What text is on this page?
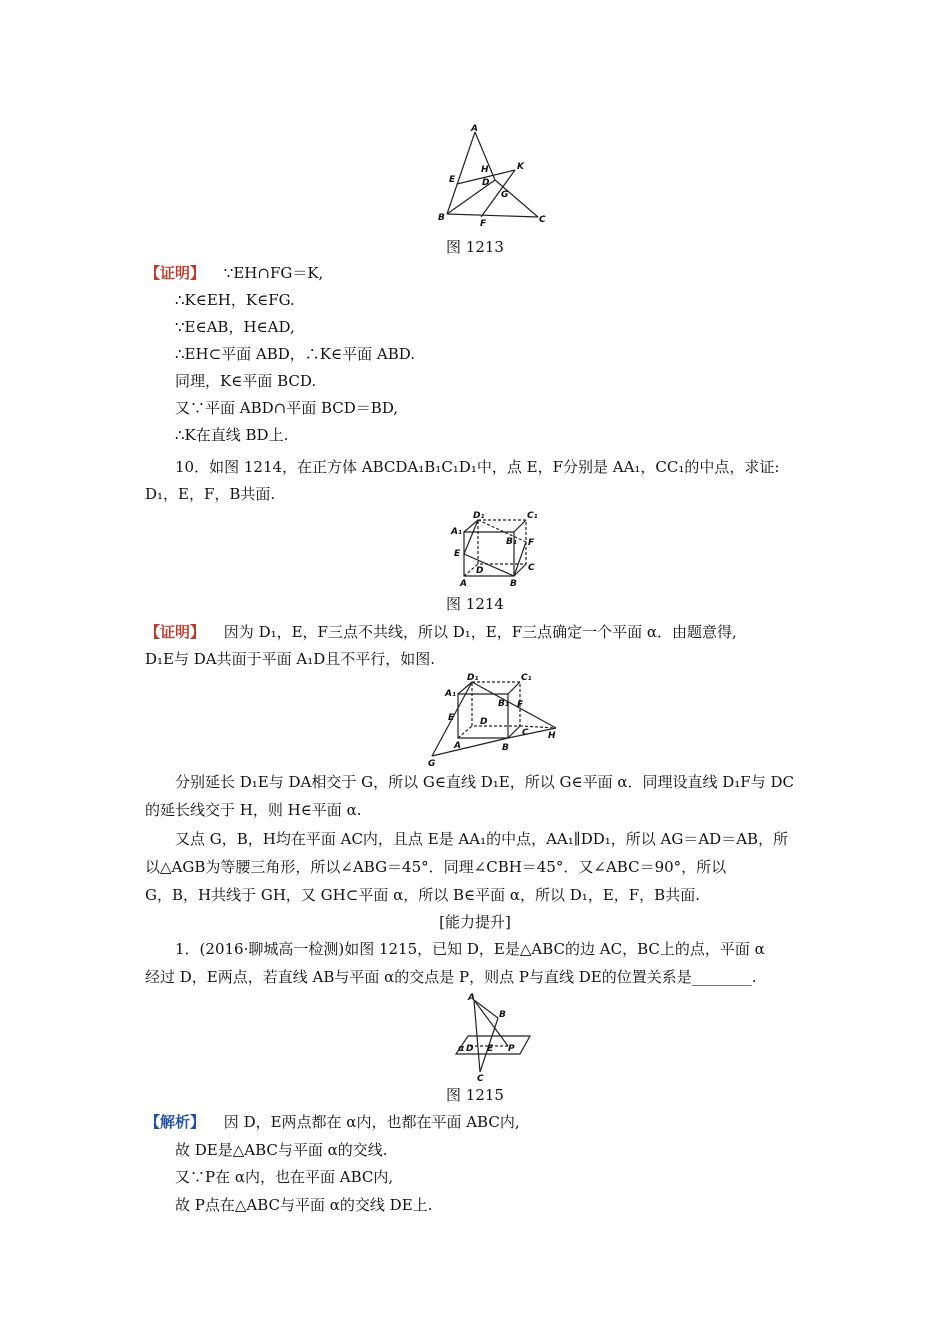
A
H	K
E	D
G
B
F	C
图 1213
【证明】 ∵EH∩FG＝K,
∴K∈EH，K∈FG.
∵E∈AB，H∈AD,
∴EH⊂平面 ABD，∴K∈平面 ABD.
同理，K∈平面 BCD.
又∵平面 ABD∩平面 BCD＝BD,
∴K在直线 BD上.
10．如图 1214，在正方体 ABCDA₁B₁C₁D₁中，点 E，F分别是 AA₁，CC₁的中点，求证:
D₁，E，F，B共面.
D₁	C₁
A₁
B₁
E
F
D	C
A	B
图 1214
【证明】 因为 D₁，E，F三点不共线，所以 D₁，E，F三点确定一个平面 α．由题意得,
D₁E与 DA共面于平面 A₁D且不平行，如图.
D₁	C₁
A₁
B₁ F
E	D
C H
A	B
G
分别延长 D₁E与 DA相交于 G，所以 G∈直线 D₁E，所以 G∈平面 α．同理设直线 D₁F与 DC
的延长线交于 H，则 H∈平面 α.
又点 G，B，H均在平面 AC内，且点 E是 AA₁的中点，AA₁∥DD₁，所以 AG＝AD＝AB，所
以△AGB为等腰三角形，所以∠ABG＝45°．同理∠CBH＝45°．又∠ABC＝90°，所以
G，B，H共线于 GH，又 GH⊂平面 α，所以 B∈平面 α，所以 D₁，E，F，B共面.
[能力提升]
1．(2016·聊城高一检测)如图 1215，已知 D，E是△ABC的边 AC，BC上的点，平面 α
经过 D，E两点，若直线 AB与平面 α的交点是 P，则点 P与直线 DE的位置关系是________.
A
B
α D E P
C
图 1215
【解析】 因 D，E两点都在 α内，也都在平面 ABC内,
故 DE是△ABC与平面 α的交线.
又∵P在 α内，也在平面 ABC内,
故 P点在△ABC与平面 α的交线 DE上.
